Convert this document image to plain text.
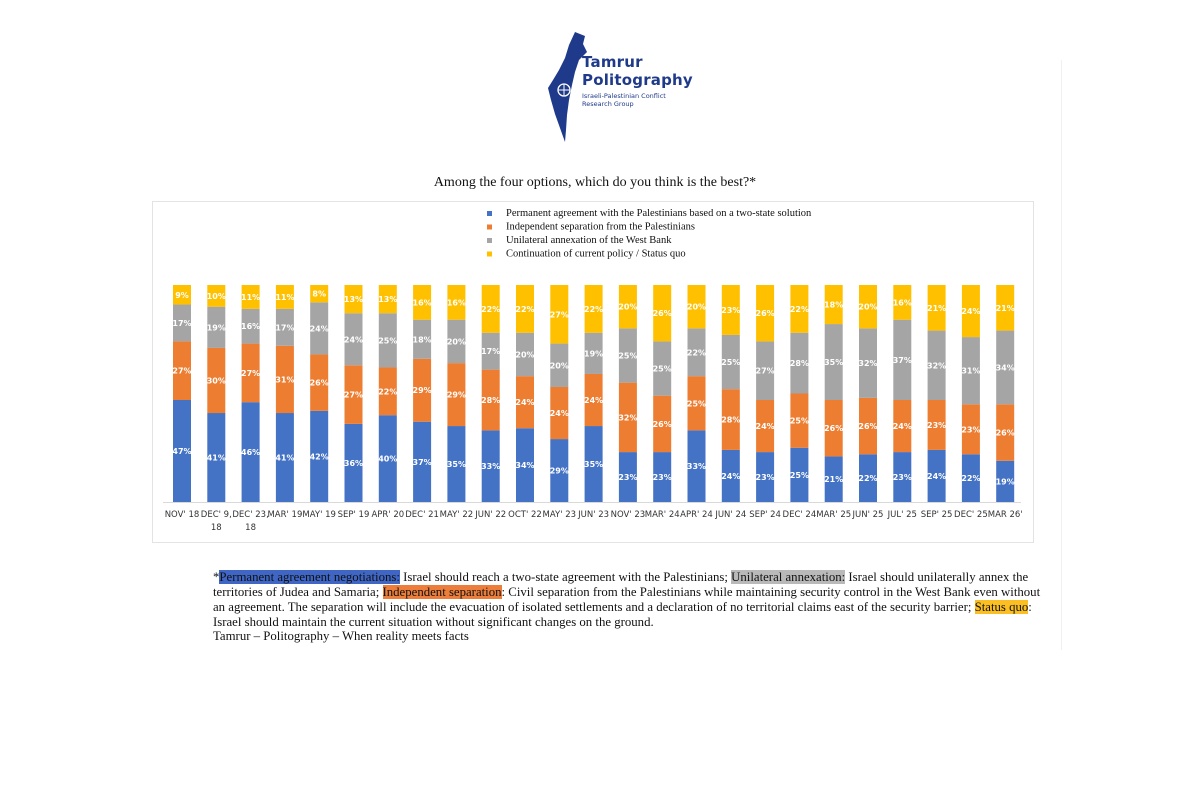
Tamrur
Politography
Israeli-Palestinian Conflict
Research Group
Among the four options, which do you think is the best?*
Permanent agreement with the Palestinians based on a two-state solution
Independent separation from the Palestinians
Unilateral annexation of the West Bank
Continuation of current policy / Status quo
47%
27%
17%
9%
NOV' 18
41%
30%
19%
10%
DEC' 9,
18
46%
27%
16%
11%
DEC' 23,
18
41%
31%
17%
11%
MAR' 19
42%
26%
24%
8%
MAY' 19
36%
27%
24%
13%
SEP' 19
40%
22%
25%
13%
APR' 20
37%
29%
18%
16%
DEC' 21
35%
29%
20%
16%
MAY' 22
33%
28%
17%
22%
JUN' 22
34%
24%
20%
22%
OCT' 22
29%
24%
20%
27%
MAY' 23
35%
24%
19%
22%
JUN' 23
23%
32%
25%
20%
NOV' 23
23%
26%
25%
26%
MAR' 24
33%
25%
22%
20%
APR' 24
24%
28%
25%
23%
JUN' 24
23%
24%
27%
26%
SEP' 24
25%
25%
28%
22%
DEC' 24
21%
26%
35%
18%
MAR' 25
22%
26%
32%
20%
JUN' 25
23%
24%
37%
16%
JUL' 25
24%
23%
32%
21%
SEP' 25
22%
23%
31%
24%
DEC' 25
19%
26%
34%
21%
MAR 26'
*Permanent agreement negotiations: Israel should reach a two-state agreement with the Palestinians; Unilateral annexation: Israel should unilaterally annex the territories of Judea and Samaria; Independent separation: Civil separation from the Palestinians while maintaining security control in the West Bank even without an agreement. The separation will include the evacuation of isolated settlements and a declaration of no territorial claims east of the security barrier; Status quo: Israel should maintain the current situation without significant changes on the ground.
Tamrur – Politography – When reality meets facts
